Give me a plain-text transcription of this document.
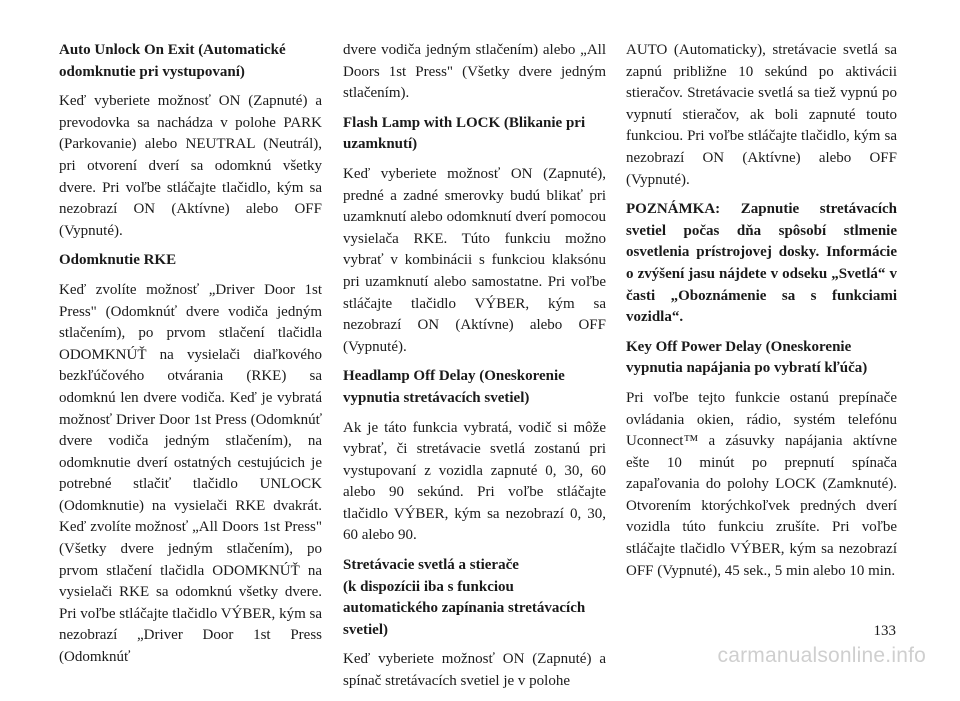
Auto Unlock On Exit (Automatické odomknutie pri vystupovaní)

Keď vyberiete možnosť ON (Zapnuté) a prevodovka sa nachádza v polohe PARK (Parkovanie) alebo NEUTRAL (Neutrál), pri otvorení dverí sa odomknú všetky dvere. Pri voľbe stláčajte tlačidlo, kým sa nezobrazí ON (Aktívne) alebo OFF (Vypnuté).

Odomknutie RKE

Keď zvolíte možnosť „Driver Door 1st Press" (Odomknúť dvere vodiča jedným stlačením), po prvom stlačení tlačidla ODOMKNÚŤ na vysielači diaľkového bezkľúčového otvárania (RKE) sa odomknú len dvere vodiča. Keď je vybratá možnosť Driver Door 1st Press (Odomknúť dvere vodiča jedným stlačením), na odomknutie dverí ostatných cestujúcich je potrebné stlačiť tlačidlo UNLOCK (Odomknutie) na vysielači RKE dvakrát. Keď zvolíte možnosť „All Doors 1st Press" (Všetky dvere jedným stlačením), po prvom stlačení tlačidla ODOMKNÚŤ na vysielači RKE sa odomknú všetky dvere. Pri voľbe stláčajte tlačidlo VÝBER, kým sa nezobrazí „Driver Door 1st Press (Odomknúť

dvere vodiča jedným stlačením) alebo „All Doors 1st Press" (Všetky dvere jedným stlačením).

Flash Lamp with LOCK (Blikanie pri uzamknutí)

Keď vyberiete možnosť ON (Zapnuté), predné a zadné smerovky budú blikať pri uzamknutí alebo odomknutí dverí pomocou vysielača RKE. Túto funkciu možno vybrať v kombinácii s funkciou klaksónu pri uzamknutí alebo samostatne. Pri voľbe stláčajte tlačidlo VÝBER, kým sa nezobrazí ON (Aktívne) alebo OFF (Vypnuté).

Headlamp Off Delay (Oneskorenie vypnutia stretávacích svetiel)

Ak je táto funkcia vybratá, vodič si môže vybrať, či stretávacie svetlá zostanú pri vystupovaní z vozidla zapnuté 0, 30, 60 alebo 90 sekúnd. Pri voľbe stláčajte tlačidlo VÝBER, kým sa nezobrazí 0, 30, 60 alebo 90.

Stretávacie svetlá a stierače
(k dispozícii iba s funkciou automatického zapínania stretávacích svetiel)

Keď vyberiete možnosť ON (Zapnuté) a spínač stretávacích svetiel je v polohe

AUTO (Automaticky), stretávacie svetlá sa zapnú približne 10 sekúnd po aktivácii stieračov. Stretávacie svetlá sa tiež vypnú po vypnutí stieračov, ak boli zapnuté touto funkciou. Pri voľbe stláčajte tlačidlo, kým sa nezobrazí ON (Aktívne) alebo OFF (Vypnuté).

POZNÁMKA: Zapnutie stretávacích svetiel počas dňa spôsobí stlmenie osvetlenia prístrojovej dosky. Informácie o zvýšení jasu nájdete v odseku „Svetlá“ v časti „Oboznámenie sa s funkciami vozidla“.

Key Off Power Delay (Oneskorenie vypnutia napájania po vybratí kľúča)

Pri voľbe tejto funkcie ostanú prepínače ovládania okien, rádio, systém telefónu Uconnect™ a zásuvky napájania aktívne ešte 10 minút po prepnutí spínača zapaľovania do polohy LOCK (Zamknuté). Otvorením ktorýchkoľvek predných dverí vozidla túto funkciu zrušíte. Pri voľbe stláčajte tlačidlo VÝBER, kým sa nezobrazí OFF (Vypnuté), 45 sek., 5 min alebo 10 min.

133
carmanualsonline.info
